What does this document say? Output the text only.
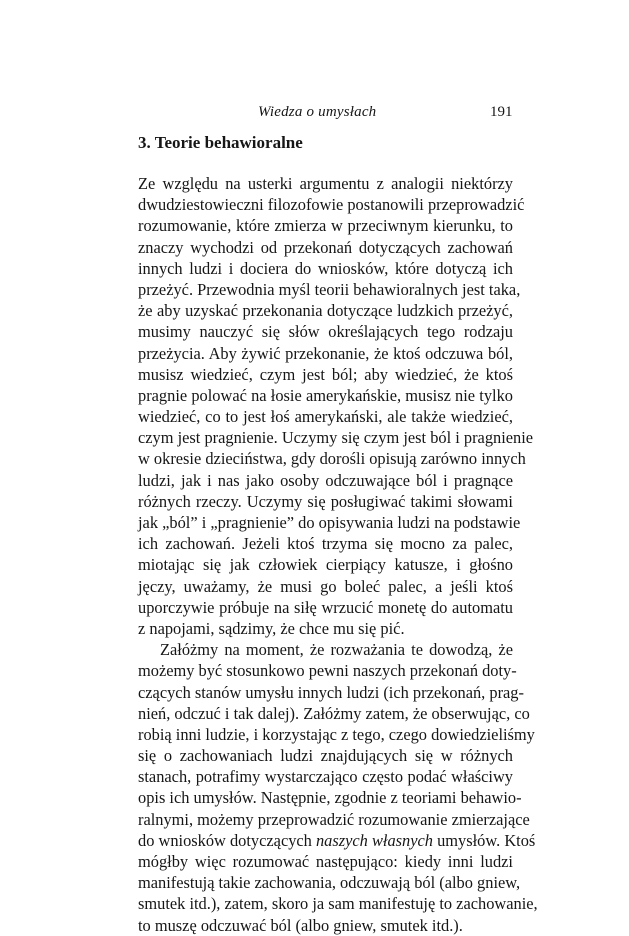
Wiedza o umysłach	191
3. Teorie behawioralne
Ze względu na usterki argumentu z analogii niektórzy
dwudziestowieczni filozofowie postanowili przeprowadzić
rozumowanie, które zmierza w przeciwnym kierunku, to
znaczy wychodzi od przekonań dotyczących zachowań
innych ludzi i dociera do wniosków, które dotyczą ich
przeżyć. Przewodnia myśl teorii behawioralnych jest taka,
że aby uzyskać przekonania dotyczące ludzkich przeżyć,
musimy nauczyć się słów określających tego rodzaju
przeżycia. Aby żywić przekonanie, że ktoś odczuwa ból,
musisz wiedzieć, czym jest ból; aby wiedzieć, że ktoś
pragnie polować na łosie amerykańskie, musisz nie tylko
wiedzieć, co to jest łoś amerykański, ale także wiedzieć,
czym jest pragnienie. Uczymy się czym jest ból i pragnienie
w okresie dzieciństwa, gdy dorośli opisują zarówno innych
ludzi, jak i nas jako osoby odczuwające ból i pragnące
różnych rzeczy. Uczymy się posługiwać takimi słowami
jak „ból” i „pragnienie” do opisywania ludzi na podstawie
ich zachowań. Jeżeli ktoś trzyma się mocno za palec,
miotając się jak człowiek cierpiący katusze, i głośno
jęczy, uważamy, że musi go boleć palec, a jeśli ktoś
uporczywie próbuje na siłę wrzucić monetę do automatu
z napojami, sądzimy, że chce mu się pić.
Załóżmy na moment, że rozważania te dowodzą, że
możemy być stosunkowo pewni naszych przekonań doty-
czących stanów umysłu innych ludzi (ich przekonań, prag-
nień, odczuć i tak dalej). Załóżmy zatem, że obserwując, co
robią inni ludzie, i korzystając z tego, czego dowiedzieliśmy
się o zachowaniach ludzi znajdujących się w różnych
stanach, potrafimy wystarczająco często podać właściwy
opis ich umysłów. Następnie, zgodnie z teoriami behawio-
ralnymi, możemy przeprowadzić rozumowanie zmierzające
do wniosków dotyczących naszych własnych umysłów. Ktoś
mógłby więc rozumować następująco: kiedy inni ludzi
manifestują takie zachowania, odczuwają ból (albo gniew,
smutek itd.), zatem, skoro ja sam manifestuję to zachowanie,
to muszę odczuwać ból (albo gniew, smutek itd.).
